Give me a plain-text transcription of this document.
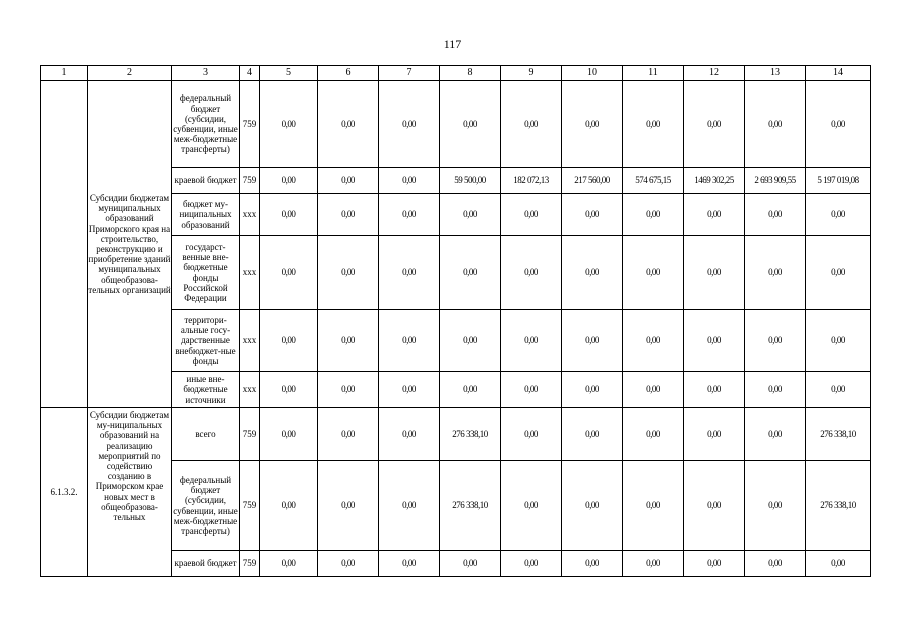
117
1	2	3	4	5	6	7	8	9	10	11	12	13	14
	Субсидии бюджетам муниципальных образований Приморского края на строительство, реконструкцию и приобретение зданий муниципальных общеобразова-тельных организаций	федеральный бюджет (субсидии, субвенции, иные меж-бюджетные трансферты)	759	0,00	0,00	0,00	0,00	0,00	0,00	0,00	0,00	0,00	0,00
		краевой бюджет	759	0,00	0,00	0,00	59 500,00	182 072,13	217 560,00	574 675,15	1469 302,25	2 693 909,55	5 197 019,08
		бюджет му-ниципальных образований	xxx	0,00	0,00	0,00	0,00	0,00	0,00	0,00	0,00	0,00	0,00
		государст-венные вне-бюджетные фонды Российской Федерации	xxx	0,00	0,00	0,00	0,00	0,00	0,00	0,00	0,00	0,00	0,00
		территори-альные госу-дарственные внебюджет-ные фонды	xxx	0,00	0,00	0,00	0,00	0,00	0,00	0,00	0,00	0,00	0,00
		иные вне-бюджетные источники	xxx	0,00	0,00	0,00	0,00	0,00	0,00	0,00	0,00	0,00	0,00
6.1.3.2.	Субсидии бюджетам му-ниципальных образований на реализацию мероприятий по содействию созданию в Приморском крае новых мест в общеобразова-тельных	всего	759	0,00	0,00	0,00	276 338,10	0,00	0,00	0,00	0,00	0,00	276 338,10
		федеральный бюджет (субсидии, субвенции, иные меж-бюджетные трансферты)	759	0,00	0,00	0,00	276 338,10	0,00	0,00	0,00	0,00	0,00	276 338,10
		краевой бюджет	759	0,00	0,00	0,00	0,00	0,00	0,00	0,00	0,00	0,00	0,00
